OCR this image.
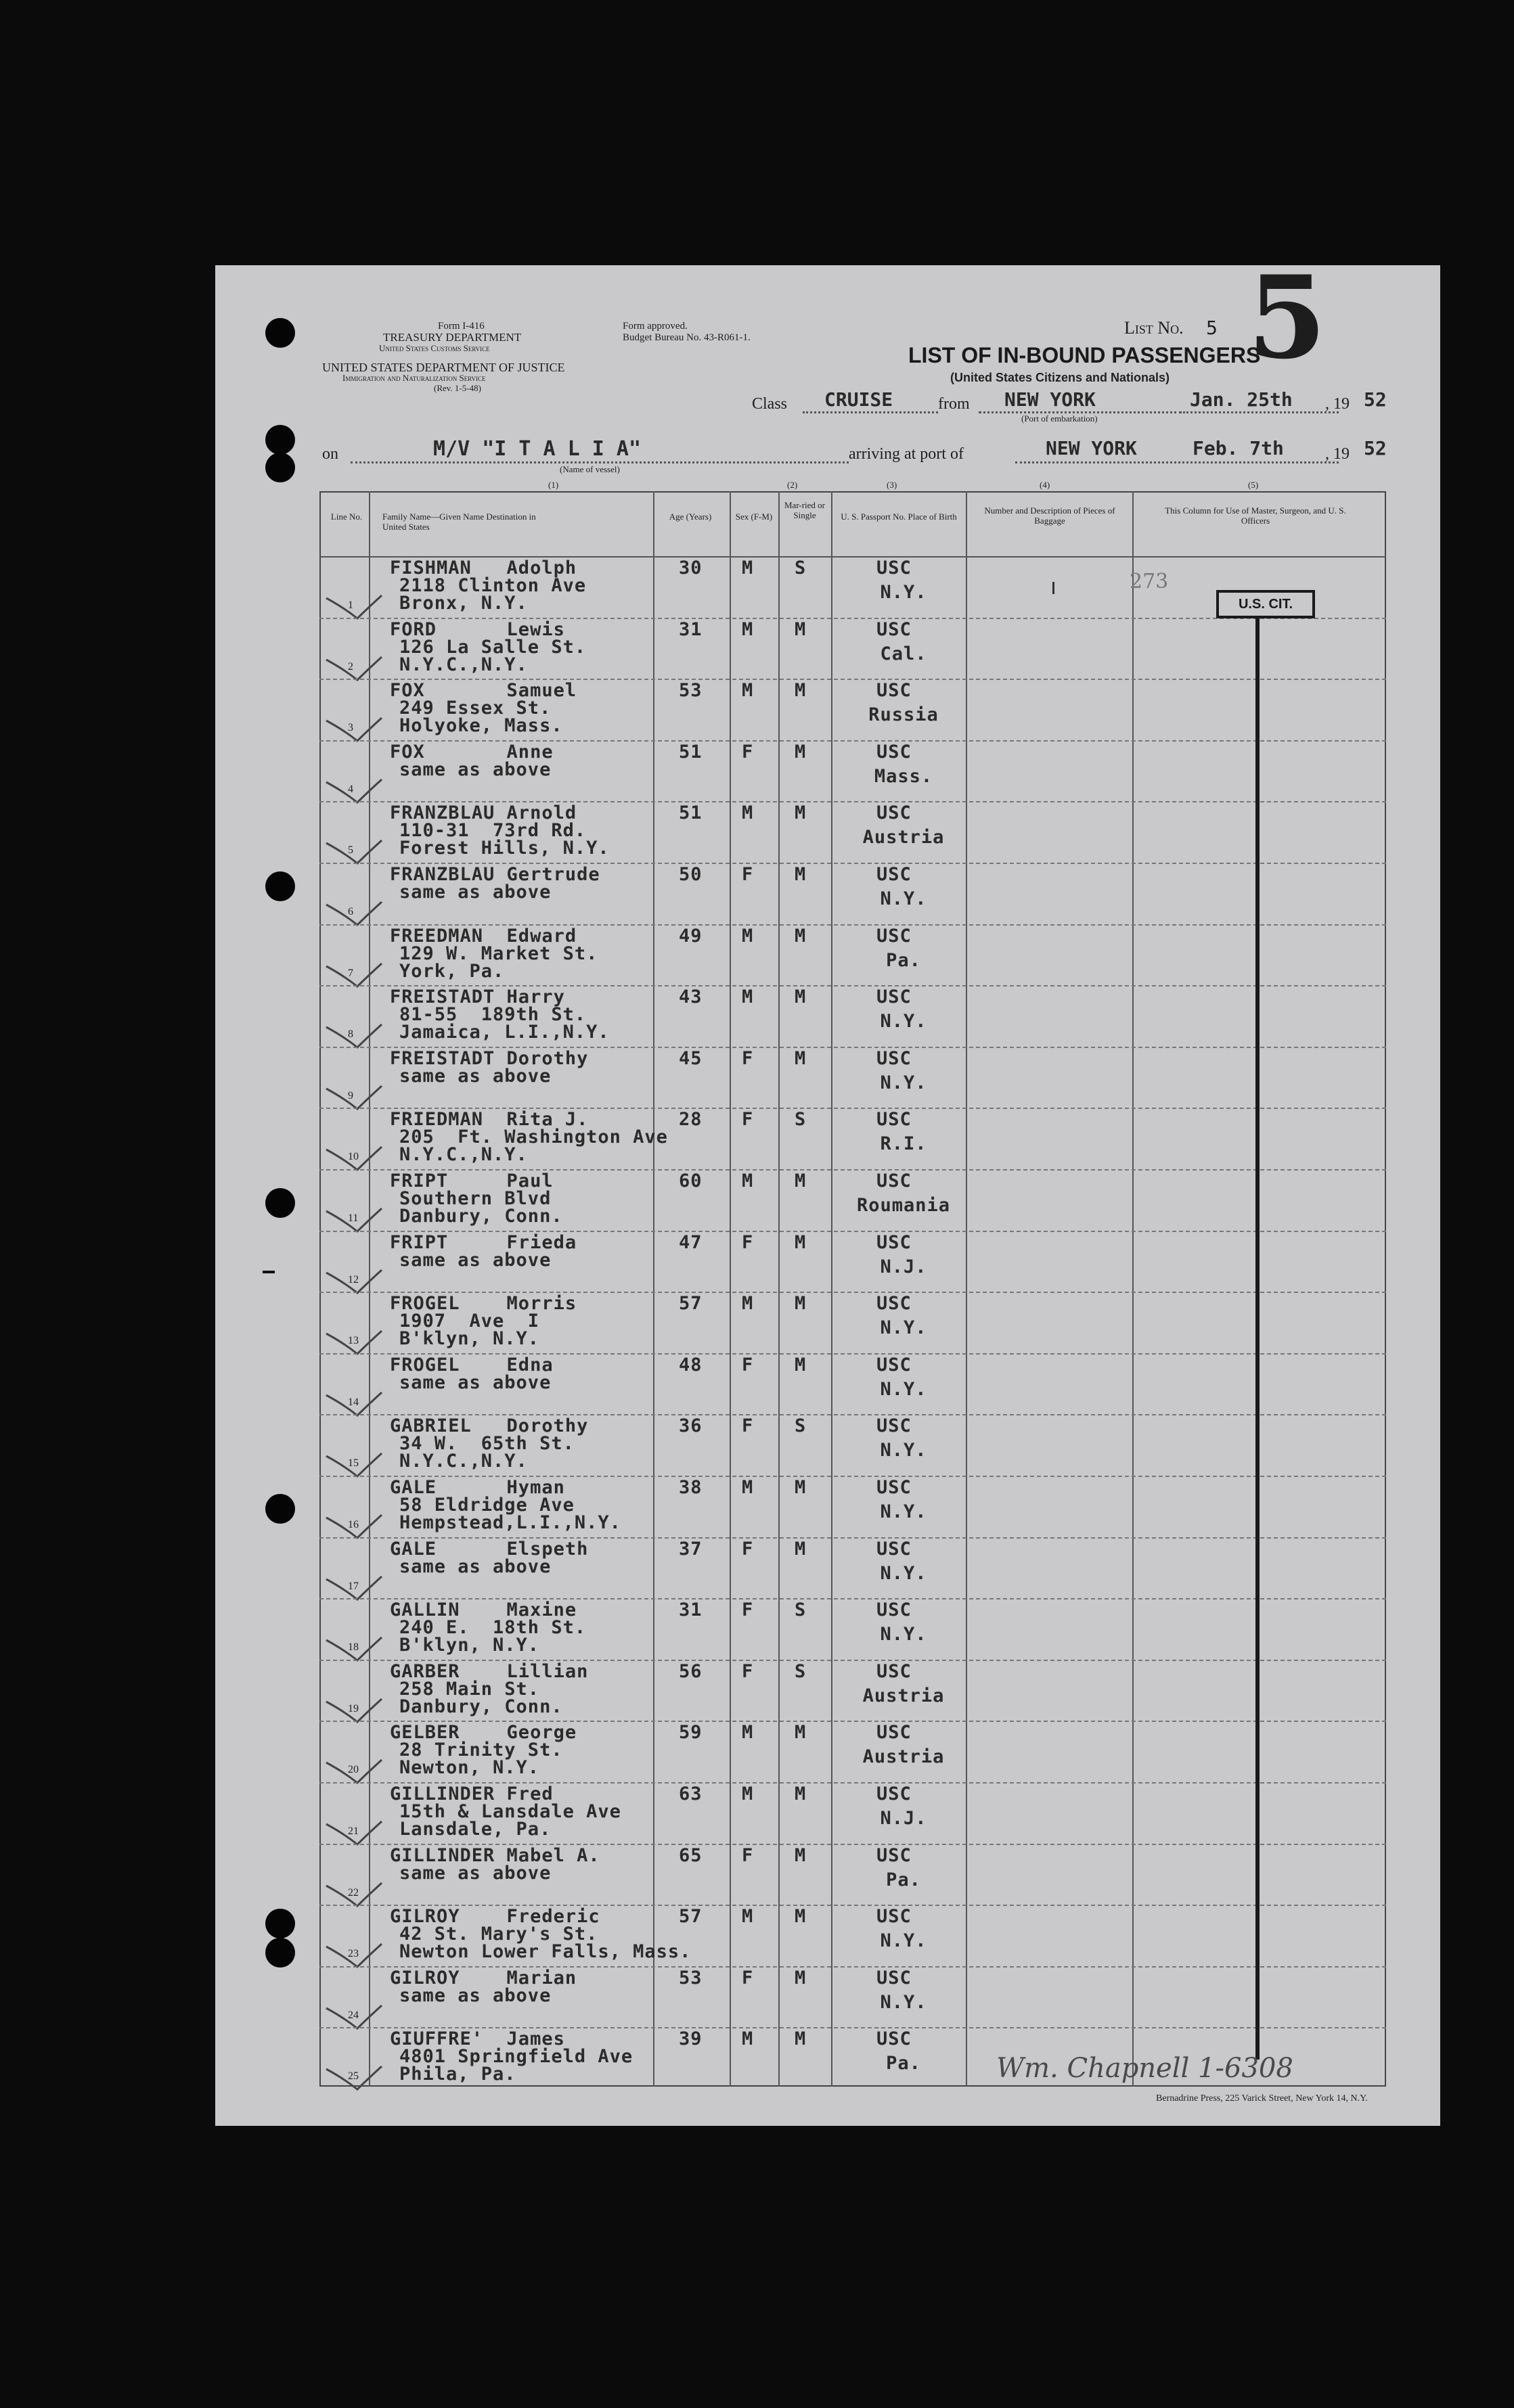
Form I-416
TREASURY DEPARTMENT
United States Customs Service
Form approved.
Budget Bureau No. 43-R061-1.
UNITED STATES DEPARTMENT OF JUSTICE
Immigration and Naturalization Service
(Rev. 1-5-48)
List No. 5 5
LIST OF IN-BOUND PASSENGERS
(United States Citizens and Nationals)
Class CRUISE	from NEW YORK
(Port of embarkation)
Jan. 25th , 19 52
on	M/V "I T A L I A"
(Name of vessel)
arriving at port of	NEW YORK	Feb. 7th	, 19 52
(1)	(2)	(3)	(4)	(5)
Line No. Family Name—Given Name Destination in United States
Age (Years)	Sex (F-M)
Mar-ried or Single	U. S. Passport No. Place of Birth
Number and Description of Pieces of Baggage
This Column for Use of Master, Surgeon, and U. S. Officers
1
FISHMAN   Adolph
2118 Clinton Ave
Bronx, N.Y.
30 M S	USC
N.Y.
2
FORD      Lewis
126 La Salle St.
N.Y.C.,N.Y.
31 M M	USC
Cal.
3
FOX       Samuel
249 Essex St.
Holyoke, Mass.
53 M M	USC
Russia
4
FOX       Anne
same as above
51 F M	USC
Mass.
5
FRANZBLAU Arnold
110-31  73rd Rd.
Forest Hills, N.Y.
51 M M	USC
Austria
6
FRANZBLAU Gertrude
same as above
50 F M	USC
N.Y.
7
FREEDMAN  Edward
129 W. Market St.
York, Pa.
49 M M	USC
Pa.
8
FREISTADT Harry
81-55  189th St.
Jamaica, L.I.,N.Y.
43 M M	USC
N.Y.
9
FREISTADT Dorothy
same as above
45 F M	USC
N.Y.
10
FRIEDMAN  Rita J.
205  Ft. Washington Ave
N.Y.C.,N.Y.
28 F S	USC
R.I.
11
FRIPT     Paul
Southern Blvd
Danbury, Conn.
60 M M	USC
Roumania
12
FRIPT     Frieda
same as above
47 F M	USC
N.J.
13
FROGEL    Morris
1907  Ave  I
B'klyn, N.Y.
57 M M	USC
N.Y.
14
FROGEL    Edna
same as above
48 F M	USC
N.Y.
15
GABRIEL   Dorothy
34 W.  65th St.
N.Y.C.,N.Y.
36 F S	USC
N.Y.
16
GALE      Hyman
58 Eldridge Ave
Hempstead,L.I.,N.Y.
38 M M	USC
N.Y.
17
GALE      Elspeth
same as above
37 F M	USC
N.Y.
18
GALLIN    Maxine
240 E.  18th St.
B'klyn, N.Y.
31 F S	USC
N.Y.
19
GARBER    Lillian
258 Main St.
Danbury, Conn.
56 F S	USC
Austria
20
GELBER    George
28 Trinity St.
Newton, N.Y.
59 M M	USC
Austria
21
GILLINDER Fred
15th & Lansdale Ave
Lansdale, Pa.
63 M M	USC
N.J.
22
GILLINDER Mabel A.
same as above
65 F M	USC
Pa.
23
GILROY    Frederic
42 St. Mary's St.
Newton Lower Falls, Mass.
57 M M	USC
N.Y.
24
GILROY    Marian
same as above
53 F M	USC
N.Y.
25
GIUFFRE'  James
4801 Springfield Ave
Phila, Pa.
39 M M	USC
Pa.
273
U.S. CIT.
Wm. Chapnell 1-6308
Bernadrine Press, 225 Varick Street, New York 14, N.Y.
